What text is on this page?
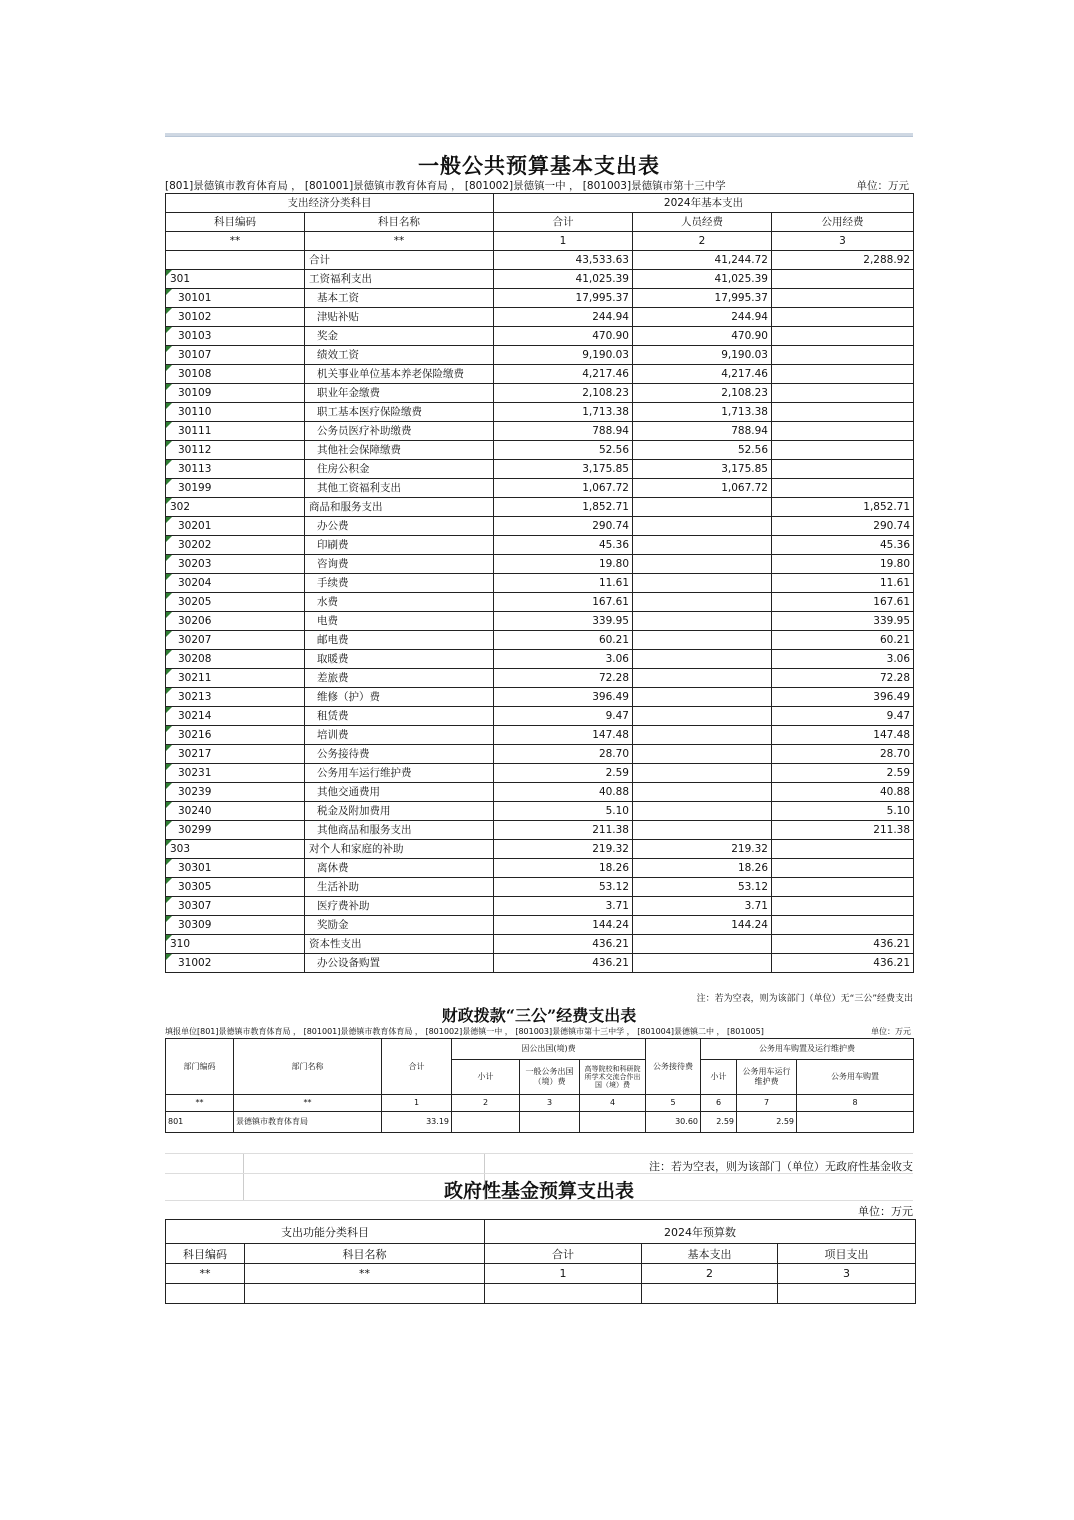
一般公共预算基本支出表
[801]景德镇市教育体育局 ， [801001]景德镇市教育体育局 ， [801002]景德镇一中 ， [801003]景德镇市第十三中学	单位：万元
支出经济分类科目		2024年基本支出		
科目编码	科目名称	合计	人员经费	公用经费
**	**	1	2	3
	合计	43,533.63	41,244.72	2,288.92
301	工资福利支出	41,025.39	41,025.39	
30101	基本工资	17,995.37	17,995.37	
30102	津贴补贴	244.94	244.94	
30103	奖金	470.90	470.90	
30107	绩效工资	9,190.03	9,190.03	
30108	机关事业单位基本养老保险缴费	4,217.46	4,217.46	
30109	职业年金缴费	2,108.23	2,108.23	
30110	职工基本医疗保险缴费	1,713.38	1,713.38	
30111	公务员医疗补助缴费	788.94	788.94	
30112	其他社会保障缴费	52.56	52.56	
30113	住房公积金	3,175.85	3,175.85	
30199	其他工资福利支出	1,067.72	1,067.72	
302	商品和服务支出	1,852.71		1,852.71
30201	办公费	290.74		290.74
30202	印刷费	45.36		45.36
30203	咨询费	19.80		19.80
30204	手续费	11.61		11.61
30205	水费	167.61		167.61
30206	电费	339.95		339.95
30207	邮电费	60.21		60.21
30208	取暖费	3.06		3.06
30211	差旅费	72.28		72.28
30213	维修（护）费	396.49		396.49
30214	租赁费	9.47		9.47
30216	培训费	147.48		147.48
30217	公务接待费	28.70		28.70
30231	公务用车运行维护费	2.59		2.59
30239	其他交通费用	40.88		40.88
30240	税金及附加费用	5.10		5.10
30299	其他商品和服务支出	211.38		211.38
303	对个人和家庭的补助	219.32	219.32	
30301	离休费	18.26	18.26	
30305	生活补助	53.12	53.12	
30307	医疗费补助	3.71	3.71	
30309	奖励金	144.24	144.24	
310	资本性支出	436.21		436.21
31002	办公设备购置	436.21		436.21
注：若为空表，则为该部门（单位）无“三公”经费支出
财政拨款“三公”经费支出表
填报单位[801]景德镇市教育体育局 ， [801001]景德镇市教育体育局 ， [801002]景德镇一中 ， [801003]景德镇市第十三中学 ， [801004]景德镇二中 ， [801005]	单位：万元
部门编码	部门名称	合计	因公出国(境)费			公务接待费	公务用车购置及运行维护费		
			小计	一般公务出国（境）费	高等院校和科研院所学术交流合作出国（境）费		小计	公务用车运行维护费	公务用车购置
**	**	1	2	3	4	5	6	7	8
801	景德镇市教育体育局	33.19				30.60	2.59	2.59	
注：若为空表，则为该部门（单位）无政府性基金收支
政府性基金预算支出表
单位：万元
支出功能分类科目		2024年预算数		
科目编码	科目名称	合计	基本支出	项目支出
**	**	1	2	3
